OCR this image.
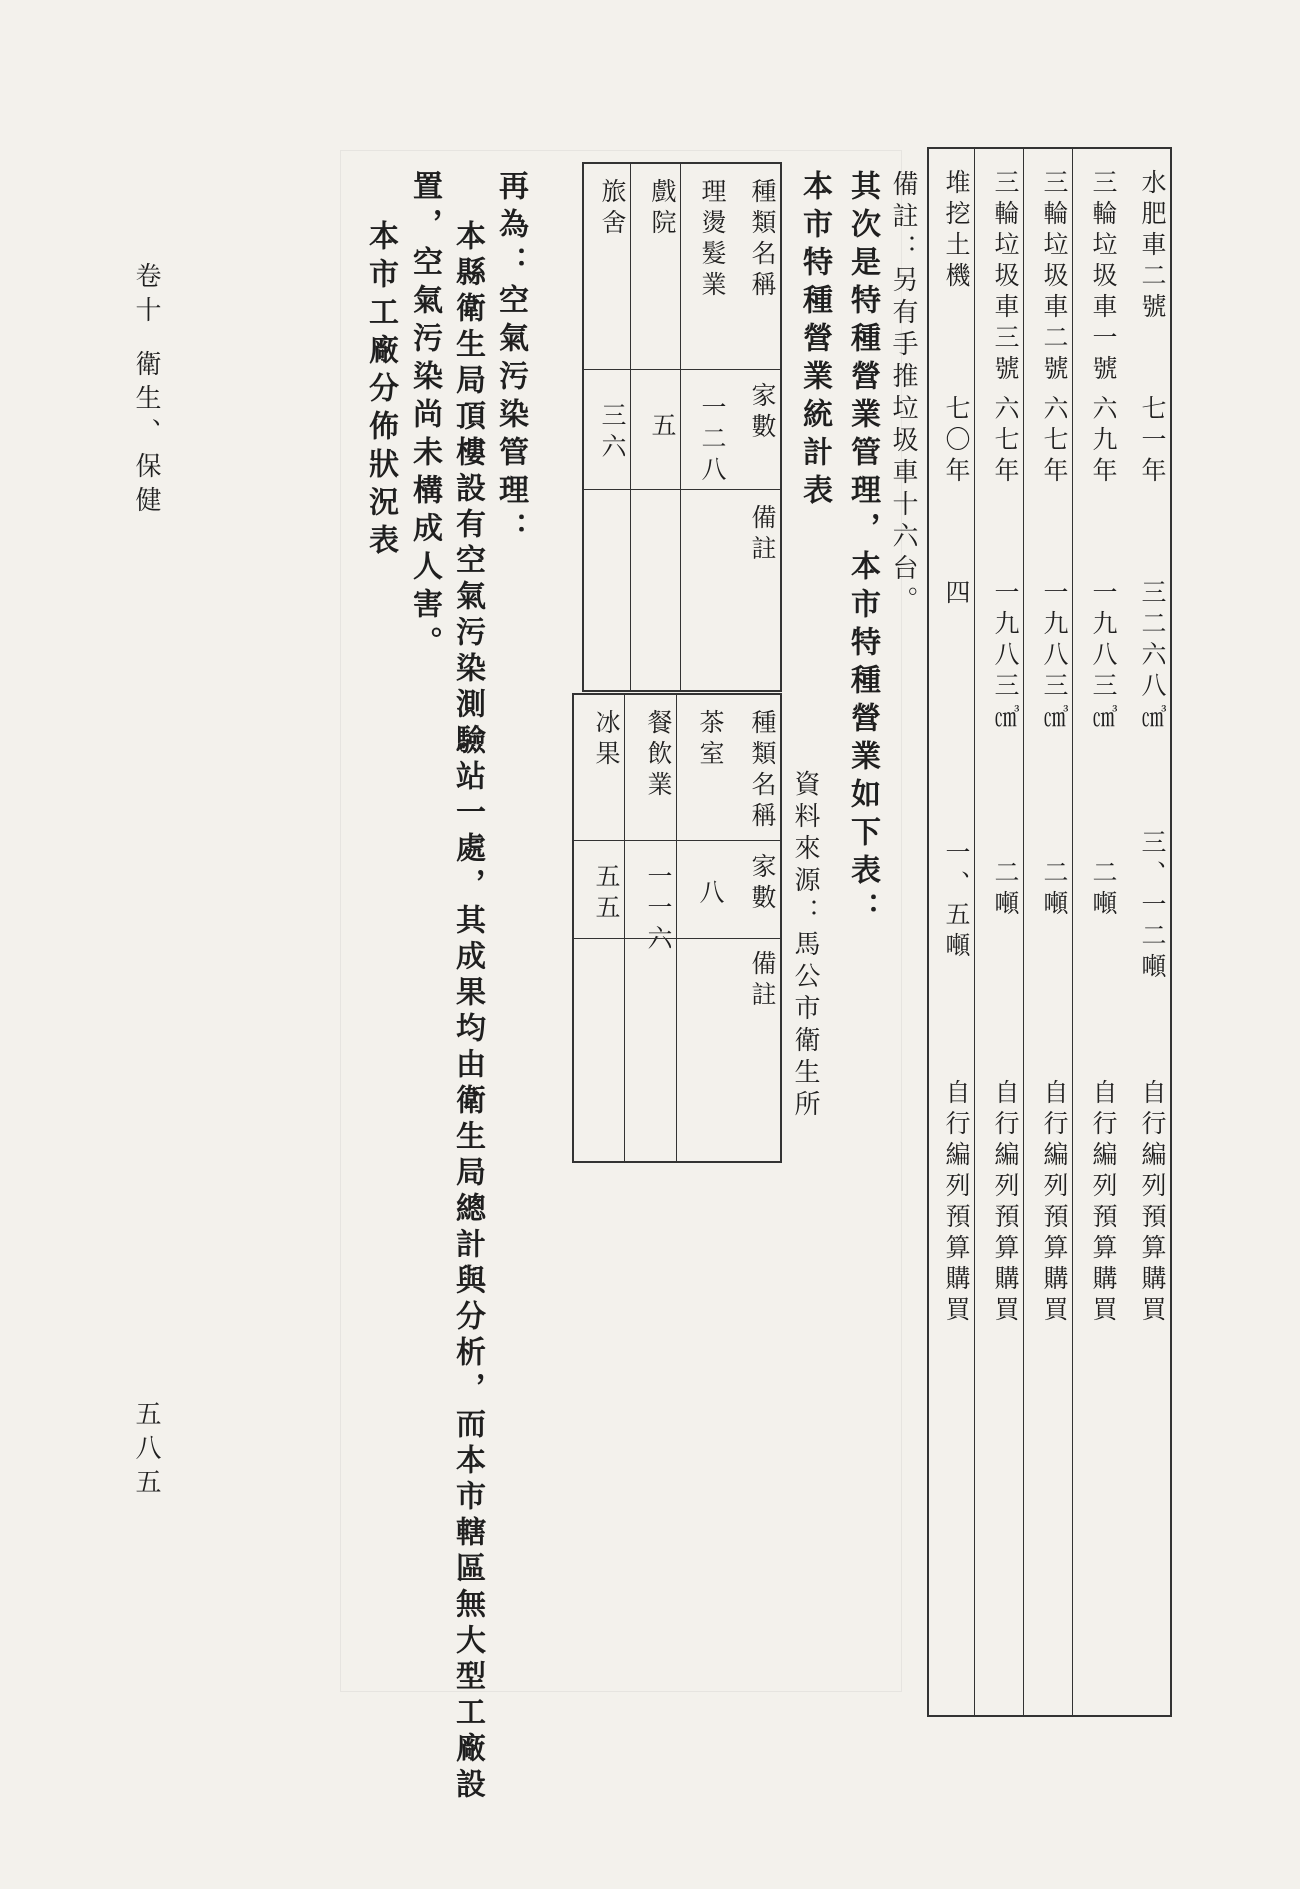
水肥車二號
七一年
三二六八㎤
三、一二噸
自行編列預算購買
三輪垃圾車一號
六九年
一九八三㎤
二噸
自行編列預算購買
三輪垃圾車二號
六七年
一九八三㎤
二噸
自行編列預算購買
三輪垃圾車三號
六七年
一九八三㎤
二噸
自行編列預算購買
堆挖土機
七〇年
四
一、五噸
自行編列預算購買
備註：另有手推垃圾車十六台。
其次是特種營業管理，本市特種營業如下表：
本市特種營業統計表
資料來源：馬公市衛生所
種類名稱
家數
備註
理燙髮業
一二八
戲院
五
旅舍
三六
種類名稱
家數
備註
茶室
八
餐飲業
一一六
冰果
五五
再為：空氣污染管理：
本縣衛生局頂樓設有空氣污染測驗站一處，其成果均由衛生局總計與分析，而本市轄區無大型工廠設
置，空氣污染尚未構成人害。
本市工廠分佈狀況表
卷十
衛生、保健
五八五
